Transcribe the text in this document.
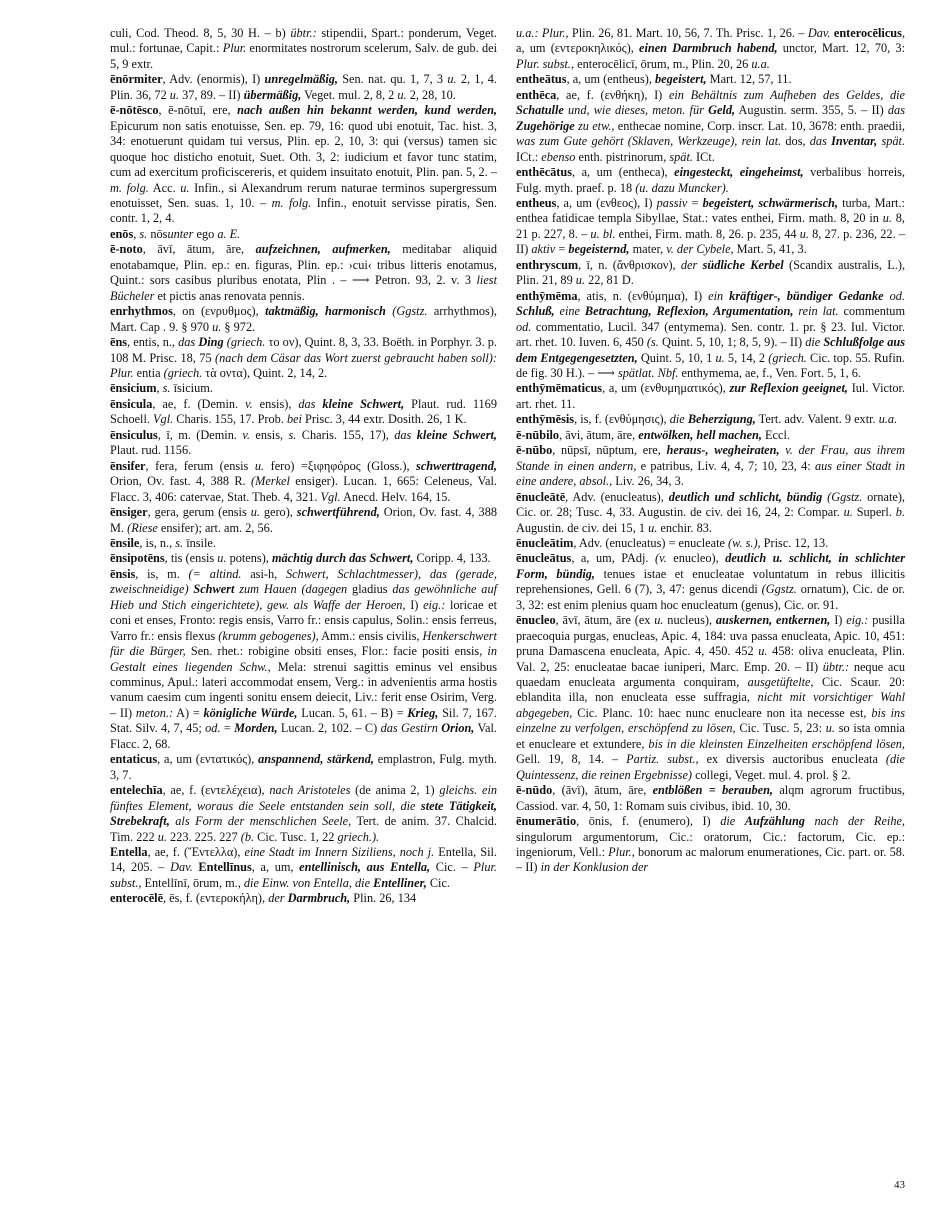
culi, Cod. Theod. 8, 5, 30 H. – b) übtr.: stipendii, Spart.: ponderum, Veget. mul.: fortunae, Capit.: Plur. enormitates nostrorum scelerum, Salv. de gub. dei 5, 9 extr.

ēnōrmiter, Adv. (enormis), I) unregelmäßig, Sen. nat. qu. 1, 7, 3 u. 2, 1, 4. Plin. 36, 72 u. 37, 89. – II) übermäßig, Veget. mul. 2, 8, 2 u. 2, 28, 10.

ē-nōtēsco, ē-nōtuī, ere, nach außen hin bekannt werden, kund werden, Epicurum non satis enotuisse, Sen. ep. 79, 16: quod ubi enotuit, Tac. hist. 3, 34: enotuerunt quidam tui versus, Plin. ep. 2, 10, 3: qui (versus) tamen sic quoque hoc disticho enotuit, Suet. Oth. 3, 2: iudicium et favor tunc statim, cum ad exercitum proficiscereris, et quidem insuitato enotuit, Plin. pan. 5, 2. – m. folg. Acc. u. Infin., si Alexandrum rerum naturae terminos supergressum enotuisset, Sen. suas. 1, 10. – m. folg. Infin., enotuit servisse piratis, Sen. contr. 1, 2, 4.

enōs, s. nōsunter ego a. E.

ē-noto, āvī, ātum, āre, aufzeichnen, aufmerken, meditabar aliquid enotabamque, Plin. ep.: en. figuras, Plin. ep.: ›cui‹ tribus litteris enotamus, Quint.: sors casibus pluribus enotata, Plin . – ⟶ Petron. 93, 2. v. 3 liest Bücheler et pictis anas renovata pennis.

enrhythmos, on (ενρυθμος), taktmäßig, harmonisch (Ggstz. arrhythmos), Mart. Cap . 9. § 970 u. § 972.

ēns, entis, n., das Ding (griech. το ον), Quint. 8, 3, 33. Boëth. in Porphyr. 3. p. 108 M. Prisc. 18, 75 (nach dem Cäsar das Wort zuerst gebraucht haben soll): Plur. entia (griech. τὰ οντα), Quint. 2, 14, 2.

ēnsicium, s. īsicium.

ēnsicula, ae, f. (Demin. v. ensis), das kleine Schwert, Plaut. rud. 1169 Schoell. Vgl. Charis. 155, 17. Prob. bei Prisc. 3, 44 extr. Dosith. 26, 1 K.

ēnsiculus, ī, m. (Demin. v. ensis, s. Charis. 155, 17), das kleine Schwert, Plaut. rud. 1156.

ēnsifer, fera, ferum (ensis u. fero) =ξιφηφόρος (Gloss.), schwerttragend, Orion, Ov. fast. 4, 388 R. (Merkel ensiger). Lucan. 1, 665: Celeneus, Val. Flacc. 3, 406: catervae, Stat. Theb. 4, 321. Vgl. Anecd. Helv. 164, 15.

ēnsiger, gera, gerum (ensis u. gero), schwertführend, Orion, Ov. fast. 4, 388 M. (Riese ensifer); art. am. 2, 56.

ēnsile, is, n., s. īnsile.

ēnsipotēns, tis (ensis u. potens), mächtig durch das Schwert, Coripp. 4, 133.

ēnsis, is, m. (= altind. asi-h, Schwert, Schlachtmesser), das (gerade, zweischneidige) Schwert zum Hauen (dagegen gladius das gewöhnliche auf Hieb und Stich eingerichtete), gew. als Waffe der Heroen, I) eig.: loricae et coni et enses, Fronto: regis ensis, Varro fr.: ensis capulus, Solin.: ensis ferreus, Varro fr.: ensis flexus (krumm gebogenes), Amm.: ensis civilis, Henkerschwert für die Bürger, Sen. rhet.: robigine obsiti enses, Flor.: facie positi ensis, in Gestalt eines liegenden Schw., Mela: strenui sagittis eminus vel ensibus comminus, Apul.: lateri accommodat ensem, Verg.: in advenientis arma hostis vanum caesim cum ingenti sonitu ensem deiecit, Liv.: ferit ense Osirim, Verg. – II) meton.: A) = königliche Würde, Lucan. 5, 61. – B) = Krieg, Sil. 7, 167. Stat. Silv. 4, 7, 45; od. = Morden, Lucan. 2, 102. – C) das Gestirn Orion, Val. Flacc. 2, 68.

entaticus, a, um (εντατικός), anspannend, stärkend, emplastron, Fulg. myth. 3, 7.

entelechīa, ae, f. (εντελέχεια), nach Aristoteles (de anima 2, 1) gleichs. ein fünftes Element, woraus die Seele entstanden sein soll, die stete Tätigkeit, Strebekraft, als Form der menschlichen Seele, Tert. de anim. 37. Chalcid. Tim. 222 u. 223. 225. 227 (b. Cic. Tusc. 1, 22 griech.).

Entella, ae, f. (Ἔντελλα), eine Stadt im Innern Siziliens, noch j. Entella, Sil. 14, 205. – Dav. Entellīnus, a, um, entellinisch, aus Entella, Cic. – Plur. subst., Entellīnī, ōrum, m., die Einw. von Entella, die Entelliner, Cic.

enterocēlē, ēs, f. (εντεροκήλη), der Darmbruch, Plin. 26, 134

u.a.: Plur., Plin. 26, 81. Mart. 10, 56, 7. Th. Prisc. 1, 26. – Dav. enterocēlicus, a, um (εντεροκηλικός), einen Darmbruch habend, unctor, Mart. 12, 70, 3: Plur. subst., enterocēlicī, ōrum, m., Plin. 20, 26 u.a.

entheātus, a, um (entheus), begeistert, Mart. 12, 57, 11.

enthēca, ae, f. (ενθήκη), I) ein Behältnis zum Aufheben des Geldes, die Schatulle und, wie dieses, meton. für Geld, Augustin. serm. 355, 5. – II) das Zugehörige zu etw., enthecae nomine, Corp. inscr. Lat. 10, 3678: enth. praedii, was zum Gute gehört (Sklaven, Werkzeuge), rein lat. dos, das Inventar, spät. ICt.: ebenso enth. pistrinorum, spät. ICt.

enthēcātus, a, um (entheca), eingesteckt, eingeheimst, verbalibus horreis, Fulg. myth. praef. p. 18 (u. dazu Muncker).

entheus, a, um (ενθεος), I) passiv = begeistert, schwärmerisch, turba, Mart.: enthea fatidicae templa Sibyllae, Stat.: vates enthei, Firm. math. 8, 20 in u. 8, 21 p. 227, 8. – u. bl. enthei, Firm. math. 8, 26. p. 235, 44 u. 8, 27. p. 236, 22. – II) aktiv = begeisternd, mater, v. der Cybele, Mart. 5, 41, 3.

enthryscum, ī, n. (ἄνθρισκον), der südliche Kerbel (Scandix australis, L.), Plin. 21, 89 u. 22, 81 D.

enthȳmēma, atis, n. (ενθύμημα), I) ein kräftiger-, bündiger Gedanke od. Schluß, eine Betrachtung, Reflexion, Argumentation, rein lat. commentum od. commentatio, Lucil. 347 (entymema). Sen. contr. 1. pr. § 23. Iul. Victor. art. rhet. 10. Iuven. 6, 450 (s. Quint. 5, 10, 1; 8, 5, 9). – II) die Schlußfolge aus dem Entgegengesetzten, Quint. 5, 10, 1 u. 5, 14, 2 (griech. Cic. top. 55. Rufin. de fig. 30 H.). – ⟶ spätlat. Nbf. enthymema, ae, f., Ven. Fort. 5, 1, 6.

enthȳmēmaticus, a, um (ενθυμηματικός), zur Reflexion geeignet, Iul. Victor. art. rhet. 11.

enthȳmēsis, is, f. (ενθύμησις), die Beherzigung, Tert. adv. Valent. 9 extr. u.a.

ē-nūbilo, āvi, ātum, āre, entwölken, hell machen, Eccl.

ē-nūbo, nūpsī, nūptum, ere, heraus-, wegheiraten, v. der Frau, aus ihrem Stande in einen andern, e patribus, Liv. 4, 4, 7; 10, 23, 4: aus einer Stadt in eine andere, absol., Liv. 26, 34, 3.

ēnucleātē, Adv. (enucleatus), deutlich und schlicht, bündig (Ggstz. ornate), Cic. or. 28; Tusc. 4, 33. Augustin. de civ. dei 16, 24, 2: Compar. u. Superl. b. Augustin. de civ. dei 15, 1 u. enchir. 83.

ēnucleātim, Adv. (enucleatus) = enucleate (w. s.), Prisc. 12, 13.

ēnucleātus, a, um, PAdj. (v. enucleo), deutlich u. schlicht, in schlichter Form, bündig, tenues istae et enucleatae voluntatum in rebus illicitis reprehensiones, Gell. 6 (7), 3, 47: genus dicendi (Ggstz. ornatum), Cic. de or. 3, 32: est enim plenius quam hoc enucleatum (genus), Cic. or. 91.

ēnucleo, āvī, ātum, āre (ex u. nucleus), auskernen, entkernen, I) eig.: pusilla praecoquia purgas, enucleas, Apic. 4, 184: uva passa enucleata, Apic. 10, 451: pruna Damascena enucleata, Apic. 4, 450. 452 u. 458: oliva enucleata, Plin. Val. 2, 25: enucleatae bacae iuniperi, Marc. Emp. 20. – II) übtr.: neque acu quaedam enucleata argumenta conquiram, ausgetüftelte, Cic. Scaur. 20: eblandita illa, non enucleata esse suffragia, nicht mit vorsichtiger Wahl abgegeben, Cic. Planc. 10: haec nunc enucleare non ita necesse est, bis ins einzelne zu verfolgen, erschöpfend zu lösen, Cic. Tusc. 5, 23: u. so ista omnia et enucleare et extundere, bis in die kleinsten Einzelheiten erschöpfend lösen, Gell. 19, 8, 14. – Partiz. subst., ex diversis auctoribus enucleata (die Quintessenz, die reinen Ergebnisse) collegi, Veget. mul. 4. prol. § 2.

ē-nūdo, (āvī), ātum, āre, entblößen = berauben, alqm agrorum fructibus, Cassiod. var. 4, 50, 1: Romam suis civibus, ibid. 10, 30.

ēnumerātio, ōnis, f. (enumero), I) die Aufzählung nach der Reihe, singulorum argumentorum, Cic.: oratorum, Cic.: factorum, Cic. ep.: ingeniorum, Vell.: Plur., bonorum ac malorum enumerationes, Cic. part. or. 58. – II) in der Konklusion der

43
